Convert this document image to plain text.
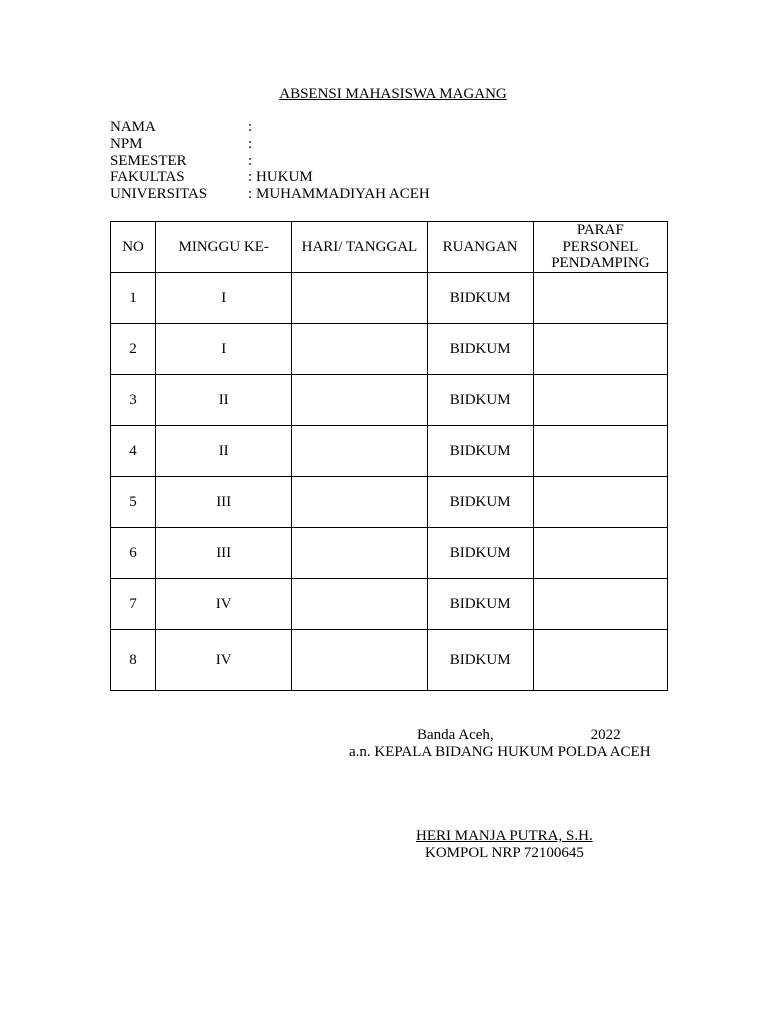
ABSENSI MAHASISWA MAGANG
NAMA	:
NPM	:
SEMESTER	:
FAKULTAS	: HUKUM
UNIVERSITAS	: MUHAMMADIYAH ACEH
NO	MINGGU KE-	HARI/ TANGGAL	RUANGAN	PARAF
PERSONEL
PENDAMPING

1	I		BIDKUM	
2	I		BIDKUM	
3	II		BIDKUM	
4	II		BIDKUM	
5	III		BIDKUM	
6	III		BIDKUM	
7	IV		BIDKUM	
8	IV		BIDKUM	
Banda Aceh,	2022
a.n. KEPALA BIDANG HUKUM POLDA ACEH
HERI MANJA PUTRA, S.H.
KOMPOL NRP 72100645
